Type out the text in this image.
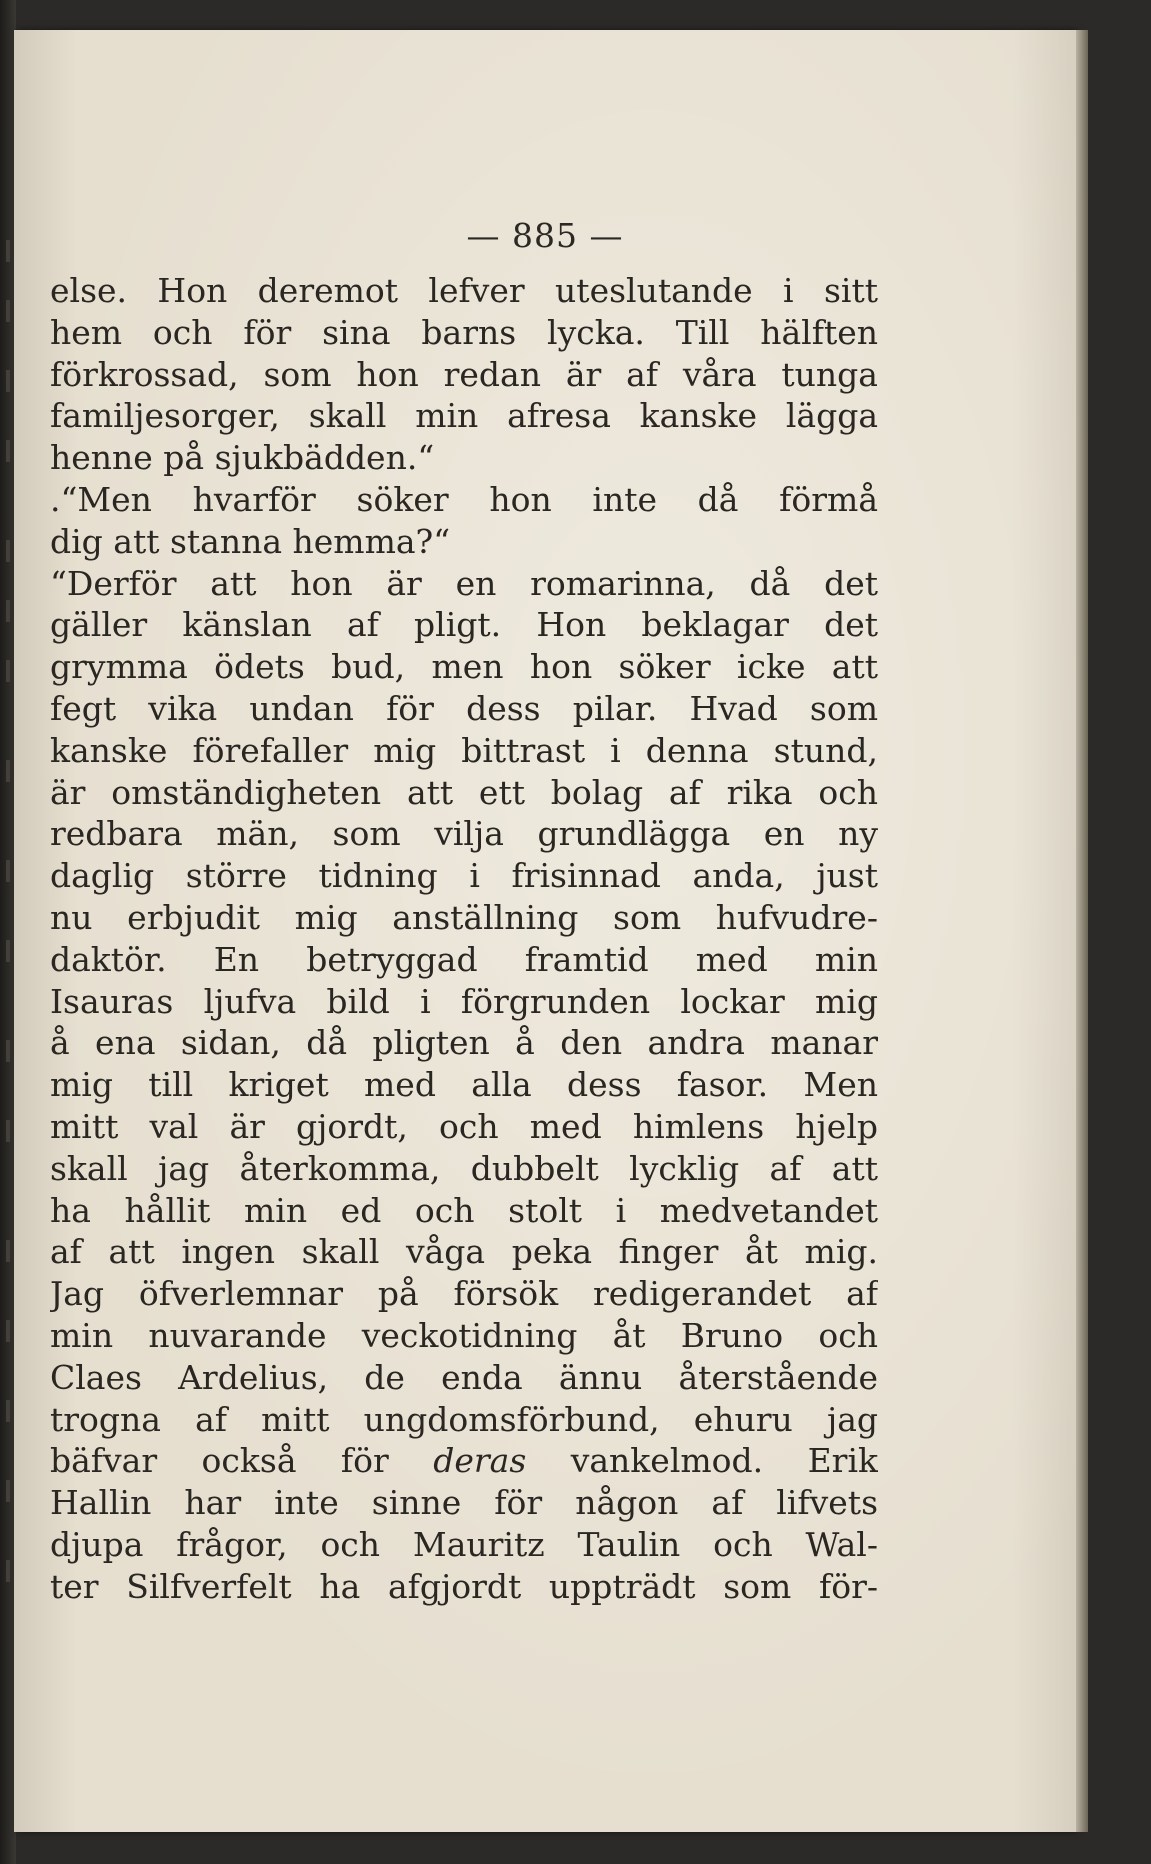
— 885 —
else. Hon deremot lefver uteslutande i sitt
hem och för sina barns lycka. Till hälften
förkrossad, som hon redan är af våra tunga
familjesorger, skall min afresa kanske lägga
henne på sjukbädden.“
.“Men hvarför söker hon inte då förmå
dig att stanna hemma?“
“Derför att hon är en romarinna, då det
gäller känslan af pligt. Hon beklagar det
grymma ödets bud, men hon söker icke att
fegt vika undan för dess pilar. Hvad som
kanske förefaller mig bittrast i denna stund,
är omständigheten att ett bolag af rika och
redbara män, som vilja grundlägga en ny
daglig större tidning i frisinnad anda, just
nu erbjudit mig anställning som hufvudre-
daktör. En betryggad framtid med min
Isauras ljufva bild i förgrunden lockar mig
å ena sidan, då pligten å den andra manar
mig till kriget med alla dess fasor. Men
mitt val är gjordt, och med himlens hjelp
skall jag återkomma, dubbelt lycklig af att
ha hållit min ed och stolt i medvetandet
af att ingen skall våga peka finger åt mig.
Jag öfverlemnar på försök redigerandet af
min nuvarande veckotidning åt Bruno och
Claes Ardelius, de enda ännu återstående
trogna af mitt ungdomsförbund, ehuru jag
bäfvar också för deras vankelmod. Erik
Hallin har inte sinne för någon af lifvets
djupa frågor, och Mauritz Taulin och Wal-
ter Silfverfelt ha afgjordt uppträdt som för-
